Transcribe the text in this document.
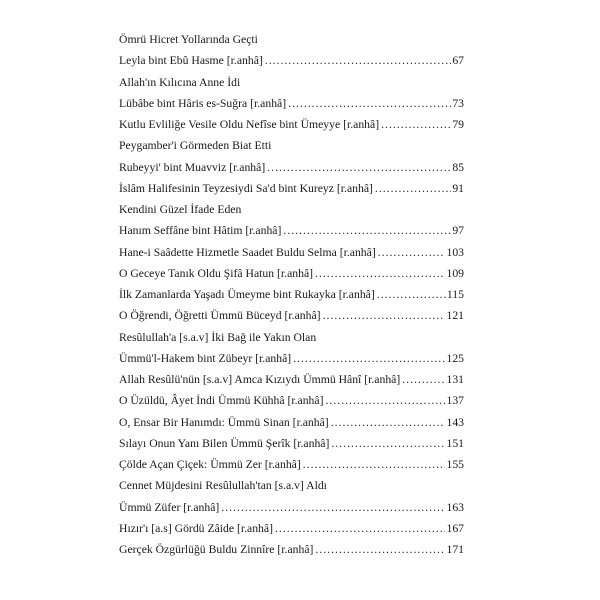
Ömrü Hicret Yollarında Geçti
Leyla bint Ebû Hasme [r.anhâ] .....	67
Allah'ın Kılıcına Anne İdi
Lübâbe bint Hâris es-Suğra [r.anhâ] .....	73
Kutlu Evliliğe Vesile Oldu Nefîse bint Ümeyye [r.anhâ] .....	79
Peygamber'i Görmeden Biat Etti
Rubeyyi' bint Muavviz [r.anhâ] .....	85
İslâm Halifesinin Teyzesiydi Sa'd bint Kureyz [r.anhâ] .....	91
Kendini Güzel İfade Eden
Hanım Seffâne bint Hâtim [r.anhâ] .....	97
Hane-i Saâdette Hizmetle Saadet Buldu Selma [r.anhâ] .....	103
O Geceye Tanık Oldu Şifâ Hatun [r.anhâ] .....	109
İlk Zamanlarda Yaşadı Ümeyme bint Rukayka [r.anhâ] .....	115
O Öğrendi, Öğretti Ümmü Büceyd [r.anhâ] .....	121
Resûlullah'a [s.a.v] İki Bağ ile Yakın Olan
Ümmü'l-Hakem bint Zübeyr [r.anhâ] .....	125
Allah Resûlü'nün [s.a.v] Amca Kızıydı Ümmü Hânî [r.anhâ] .....	131
O Üzüldü, Âyet İndi Ümmü Kühhâ [r.anhâ] .....	137
O, Ensar Bir Hanımdı: Ümmü Sinan [r.anhâ] .....	143
Sılayı Onun Yanı Bilen Ümmü Şerîk [r.anhâ] .....	151
Çölde Açan Çiçek: Ümmü Zer [r.anhâ] .....	155
Cennet Müjdesini Resûlullah'tan [s.a.v] Aldı
Ümmü Züfer [r.anhâ] .....	163
Hızır'ı [a.s] Gördü Zâide [r.anhâ] .....	167
Gerçek Özgürlüğü Buldu Zinnîre [r.anhâ] .....	171
